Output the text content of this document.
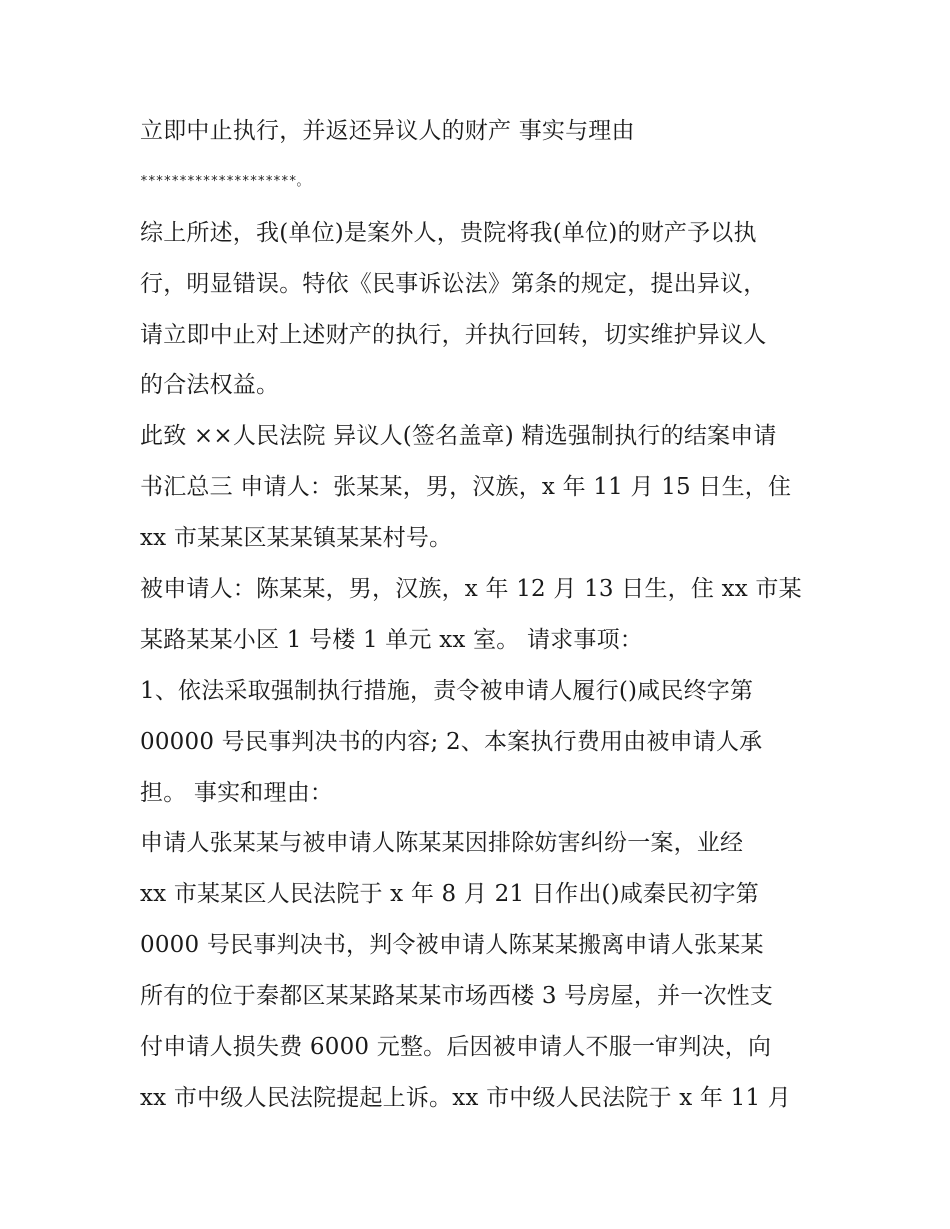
立即中止执行，并返还异议人的财产 事实与理由
********************。
综上所述，我(单位)是案外人，贵院将我(单位)的财产予以执
行，明显错误。特依《民事诉讼法》第条的规定，提出异议，
请立即中止对上述财产的执行，并执行回转，切实维护异议人
的合法权益。
此致 ××人民法院 异议人(签名盖章) 精选强制执行的结案申请
书汇总三 申请人：张某某，男，汉族，x 年 11 月 15 日生，住
xx 市某某区某某镇某某村号。
被申请人：陈某某，男，汉族，x 年 12 月 13 日生，住 xx 市某
某路某某小区 1 号楼 1 单元 xx 室。 请求事项：
1、依法采取强制执行措施，责令被申请人履行()咸民终字第
00000 号民事判决书的内容; 2、本案执行费用由被申请人承
担。 事实和理由：
申请人张某某与被申请人陈某某因排除妨害纠纷一案，业经
xx 市某某区人民法院于 x 年 8 月 21 日作出()咸秦民初字第
0000 号民事判决书，判令被申请人陈某某搬离申请人张某某
所有的位于秦都区某某路某某市场西楼 3 号房屋，并一次性支
付申请人损失费 6000 元整。后因被申请人不服一审判决，向
xx 市中级人民法院提起上诉。xx 市中级人民法院于 x 年 11 月
